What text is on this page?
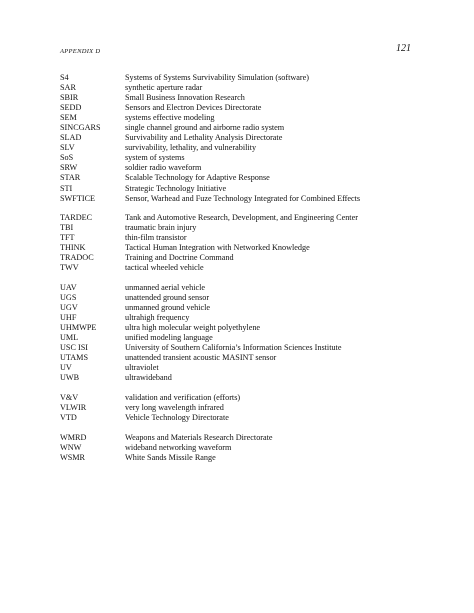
APPENDIX D	121
S4	Systems of Systems Survivability Simulation (software)
SAR	synthetic aperture radar
SBIR	Small Business Innovation Research
SEDD	Sensors and Electron Devices Directorate
SEM	systems effective modeling
SINCGARS	single channel ground and airborne radio system
SLAD	Survivability and Lethality Analysis Directorate
SLV	survivability, lethality, and vulnerability
SoS	system of systems
SRW	soldier radio waveform
STAR	Scalable Technology for Adaptive Response
STI	Strategic Technology Initiative
SWFTICE	Sensor, Warhead and Fuze Technology Integrated for Combined Effects
TARDEC	Tank and Automotive Research, Development, and Engineering Center
TBI	traumatic brain injury
TFT	thin-film transistor
THINK	Tactical Human Integration with Networked Knowledge
TRADOC	Training and Doctrine Command
TWV	tactical wheeled vehicle
UAV	unmanned aerial vehicle
UGS	unattended ground sensor
UGV	unmanned ground vehicle
UHF	ultrahigh frequency
UHMWPE	ultra high molecular weight polyethylene
UML	unified modeling language
USC ISI	University of Southern California’s Information Sciences Institute
UTAMS	unattended transient acoustic MASINT sensor
UV	ultraviolet
UWB	ultrawideband
V&V	validation and verification (efforts)
VLWIR	very long wavelength infrared
VTD	Vehicle Technology Directorate
WMRD	Weapons and Materials Research Directorate
WNW	wideband networking waveform
WSMR	White Sands Missile Range
